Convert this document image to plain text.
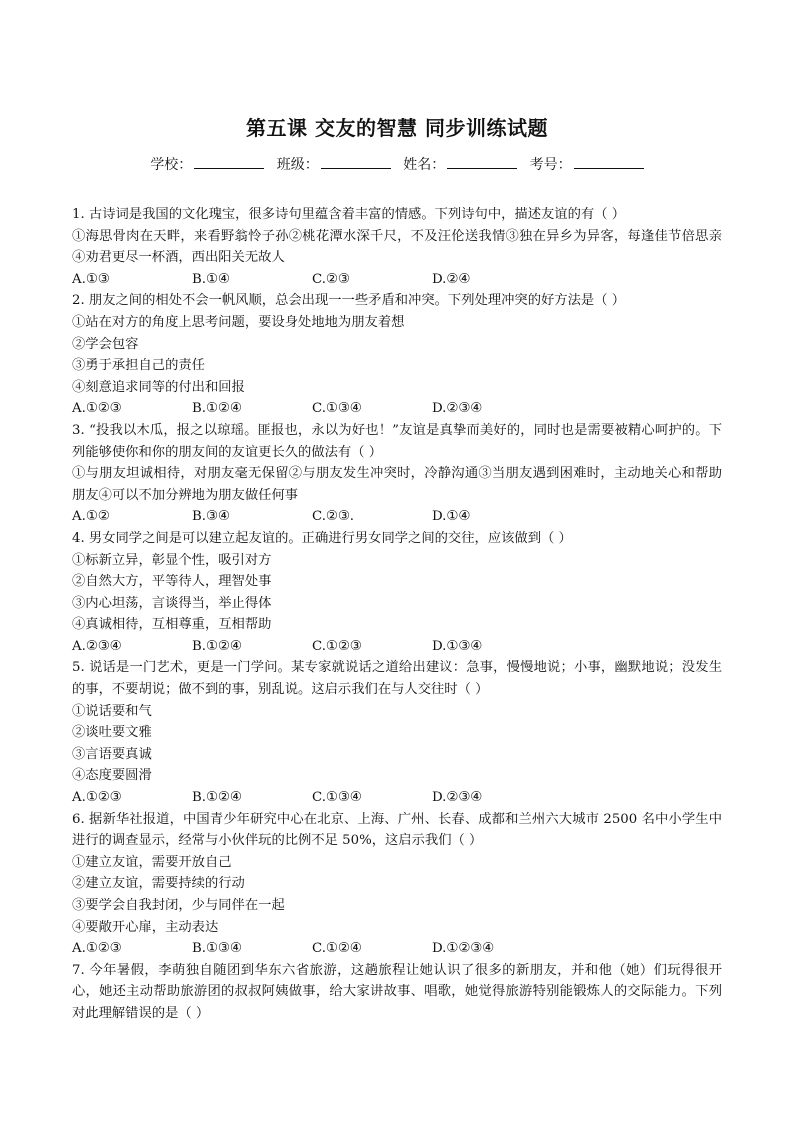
第五课 交友的智慧 同步训练试题
学校：	班级：	姓名：	考号：
1. 古诗词是我国的文化瑰宝，很多诗句里蕴含着丰富的情感。下列诗句中，描述友谊的有（ ）
①海思骨肉在天畔，来看野翁怜子孙②桃花潭水深千尺，不及汪伦送我情③独在异乡为异客，每逢佳节倍思亲④劝君更尽一杯酒，西出阳关无故人
A.①③	B.①④	C.②③	D.②④
2. 朋友之间的相处不会一帆风顺，总会出现一一些矛盾和冲突。下列处理冲突的好方法是（ ）
①站在对方的角度上思考问题，要设身处地地为朋友着想
②学会包容
③勇于承担自己的责任
④刻意追求同等的付出和回报
A.①②③	B.①②④	C.①③④	D.②③④
3. “投我以木瓜，报之以琼瑶。匪报也，永以为好也！”友谊是真挚而美好的，同时也是需要被精心呵护的。下列能够使你和你的朋友间的友谊更长久的做法有（ ）
①与朋友坦诚相待，对朋友毫无保留②与朋友发生冲突时，冷静沟通③当朋友遇到困难时，主动地关心和帮助朋友④可以不加分辨地为朋友做任何事
A.①②	B.③④	C.②③.	D.①④
4. 男女同学之间是可以建立起友谊的。正确进行男女同学之间的交往，应该做到（ ）
①标新立异，彰显个性，吸引对方
②自然大方，平等待人，理智处事
③内心坦荡，言谈得当，举止得体
④真诚相待，互相尊重，互相帮助
A.②③④	B.①②④	C.①②③	D.①③④
5. 说话是一门艺术，更是一门学问。某专家就说话之道给出建议：急事，慢慢地说；小事，幽默地说；没发生的事，不要胡说；做不到的事，别乱说。这启示我们在与人交往时（ ）
①说话要和气
②谈吐要文雅
③言语要真诚
④态度要圆滑
A.①②③	B.①②④	C.①③④	D.②③④
6. 据新华社报道，中国青少年研究中心在北京、上海、广州、长春、成都和兰州六大城市 2500 名中小学生中进行的调查显示，经常与小伙伴玩的比例不足 50%，这启示我们（ ）
①建立友谊，需要开放自己
②建立友谊，需要持续的行动
③要学会自我封闭，少与同伴在一起
④要敞开心扉，主动表达
A.①②③	B.①③④	C.①②④	D.①②③④
7. 今年暑假，李萌独自随团到华东六省旅游，这趟旅程让她认识了很多的新朋友，并和他（她）们玩得很开心，她还主动帮助旅游团的叔叔阿姨做事，给大家讲故事、唱歌，她觉得旅游特别能锻炼人的交际能力。下列对此理解错误的是（ ）
